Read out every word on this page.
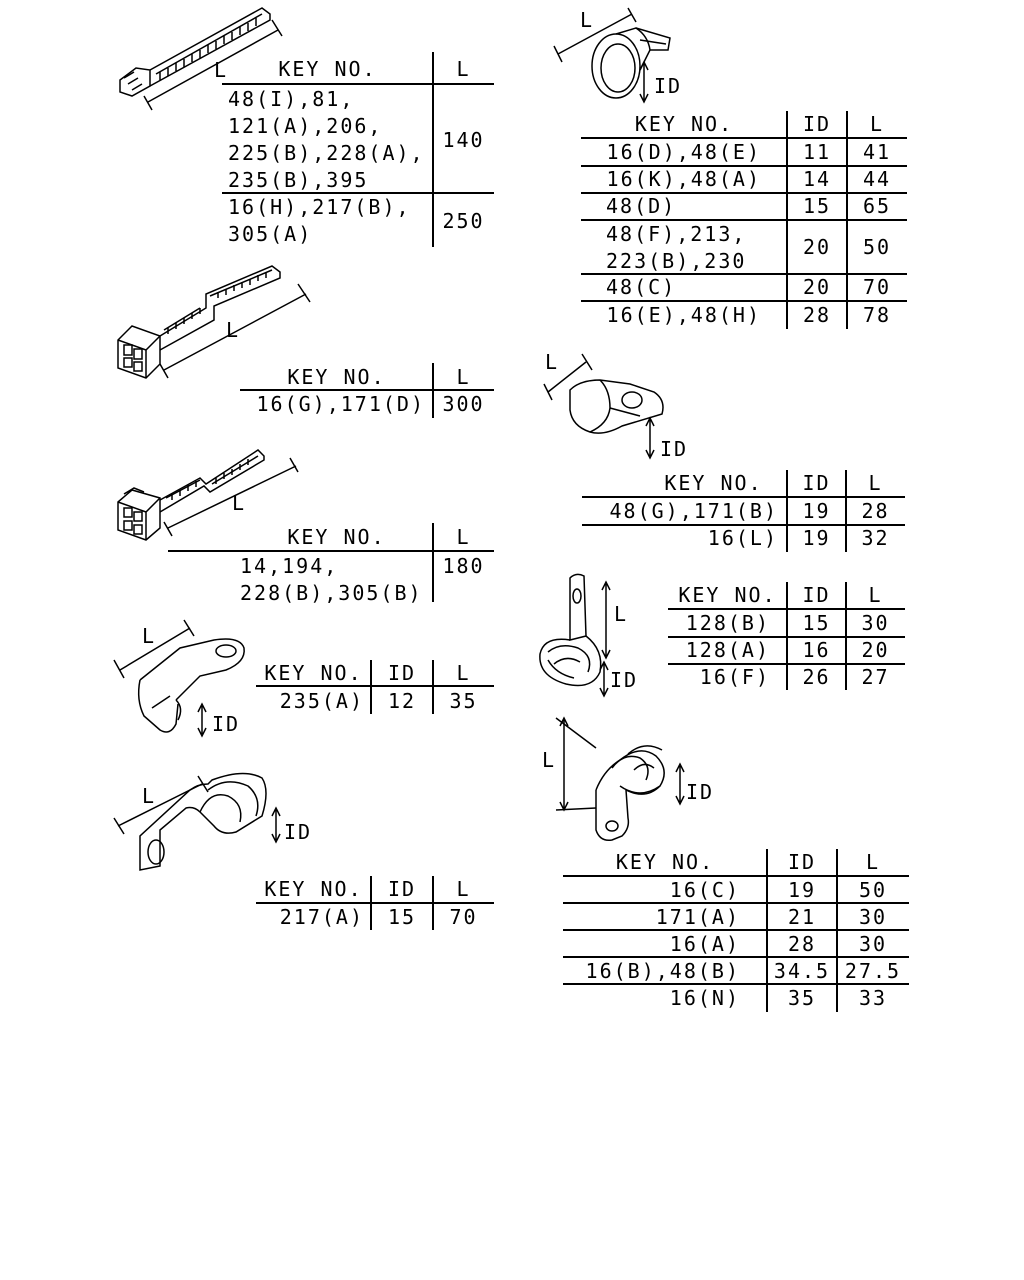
L
L
L
L
ID
L
ID
L
ID
L
ID
L
ID
L
ID
KEY NO.	L
48(I),81,
121(A),206,
225(B),228(A),
235(B),395
140
16(H),217(B),
305(A)
250
KEY NO.	L
16(G),171(D) 300
KEY NO.	L
14,194,
228(B),305(B)
180
KEY NO.	ID	L
235(A)	12	35
KEY NO.	ID	L
217(A)	15	70
KEY NO.	ID	L
16(D),48(E)	11	41
16(K),48(A)	14	44
48(D)	15	65
48(F),213,
223(B),230
20	50
48(C)	20	70
16(E),48(H)	28	78
KEY NO.	ID	L
48(G),171(B)	19	28
16(L)	19	32
KEY NO.	ID	L
128(B)	15	30
128(A)	16	20
16(F)	26	27
KEY NO.	ID	L
16(C)	19	50
171(A)	21	30
16(A)	28	30
16(B),48(B)	34.5 27.5
16(N)	35	33
